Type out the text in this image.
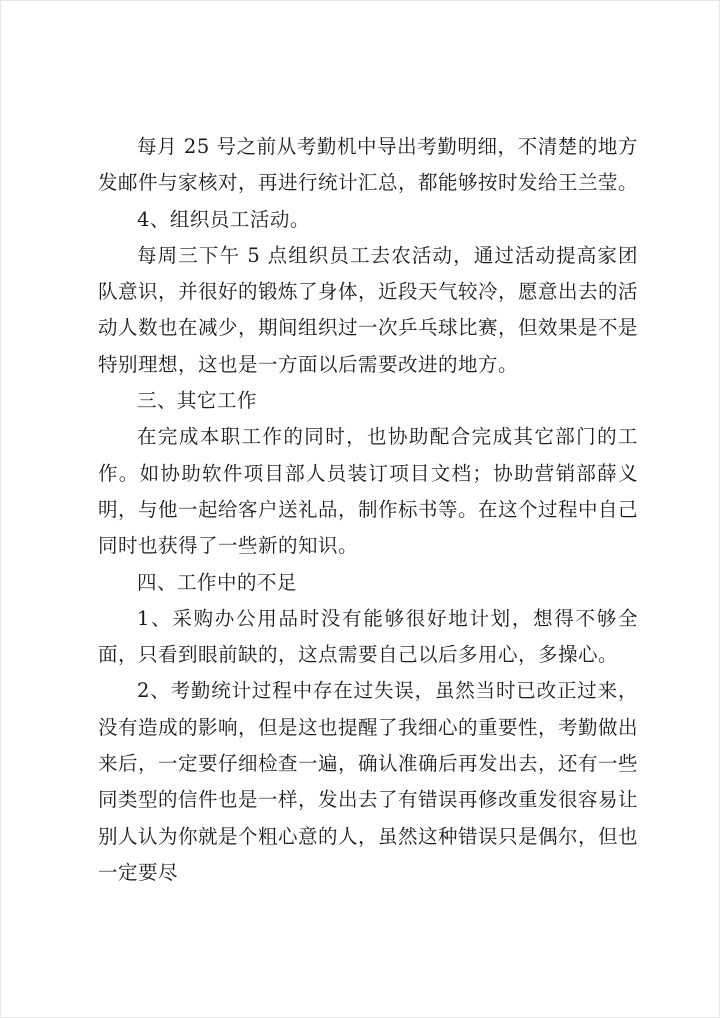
每月 25 号之前从考勤机中导出考勤明细，不清楚的地方发邮件与家核对，再进行统计汇总，都能够按时发给王兰莹。

4、组织员工活动。

每周三下午 5 点组织员工去农活动，通过活动提高家团队意识，并很好的锻炼了身体，近段天气较冷，愿意出去的活动人数也在减少，期间组织过一次乒乓球比赛，但效果是不是特别理想，这也是一方面以后需要改进的地方。

三、其它工作

在完成本职工作的同时，也协助配合完成其它部门的工作。如协助软件项目部人员装订项目文档；协助营销部薛义明，与他一起给客户送礼品，制作标书等。在这个过程中自己同时也获得了一些新的知识。

四、工作中的不足

1、采购办公用品时没有能够很好地计划，想得不够全面，只看到眼前缺的，这点需要自己以后多用心，多操心。

2、考勤统计过程中存在过失误，虽然当时已改正过来，没有造成的影响，但是这也提醒了我细心的重要性，考勤做出来后，一定要仔细检查一遍，确认准确后再发出去，还有一些同类型的信件也是一样，发出去了有错误再修改重发很容易让别人认为你就是个粗心意的人，虽然这种错误只是偶尔，但也一定要尽
